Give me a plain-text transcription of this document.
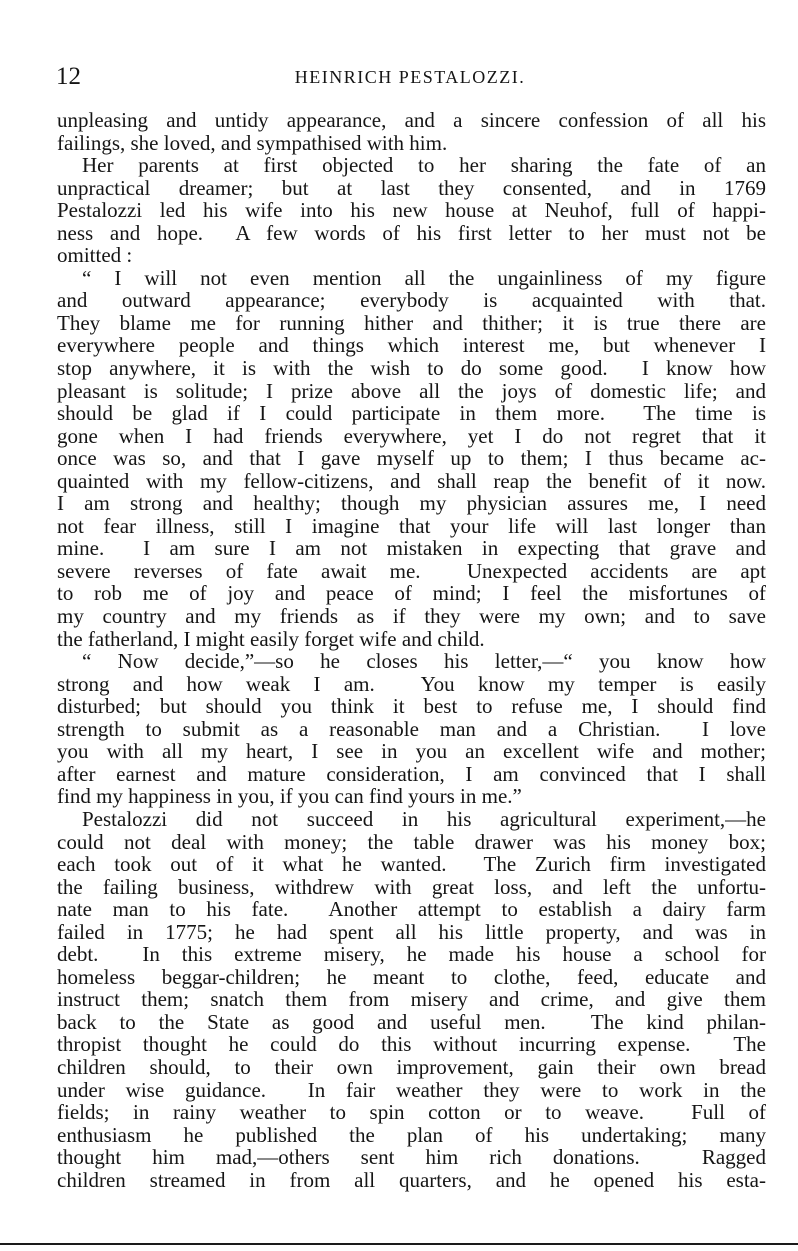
12	HEINRICH PESTALOZZI.
unpleasing and untidy appearance, and a sincere confession of all his
failings, she loved, and sympathised with him.
Her parents at first objected to her sharing the fate of an
unpractical dreamer; but at last they consented, and in 1769
Pestalozzi led his wife into his new house at Neuhof, full of happi-
ness and hope.  A few words of his first letter to her must not be
omitted :
“ I will not even mention all the ungainliness of my figure
and outward appearance; everybody is acquainted with that.
They blame me for running hither and thither; it is true there are
everywhere people and things which interest me, but whenever I
stop anywhere, it is with the wish to do some good.  I know how
pleasant is solitude; I prize above all the joys of domestic life; and
should be glad if I could participate in them more.  The time is
gone when I had friends everywhere, yet I do not regret that it
once was so, and that I gave myself up to them; I thus became ac-
quainted with my fellow-citizens, and shall reap the benefit of it now.
I am strong and healthy; though my physician assures me, I need
not fear illness, still I imagine that your life will last longer than
mine.  I am sure I am not mistaken in expecting that grave and
severe reverses of fate await me.  Unexpected accidents are apt
to rob me of joy and peace of mind; I feel the misfortunes of
my country and my friends as if they were my own; and to save
the fatherland, I might easily forget wife and child.
“ Now decide,”—so he closes his letter,—“ you know how
strong and how weak I am.  You know my temper is easily
disturbed; but should you think it best to refuse me, I should find
strength to submit as a reasonable man and a Christian.  I love
you with all my heart, I see in you an excellent wife and mother;
after earnest and mature consideration, I am convinced that I shall
find my happiness in you, if you can find yours in me.”
Pestalozzi did not succeed in his agricultural experiment,—he
could not deal with money; the table drawer was his money box;
each took out of it what he wanted.  The Zurich firm investigated
the failing business, withdrew with great loss, and left the unfortu-
nate man to his fate.  Another attempt to establish a dairy farm
failed in 1775; he had spent all his little property, and was in
debt.  In this extreme misery, he made his house a school for
homeless beggar-children; he meant to clothe, feed, educate and
instruct them; snatch them from misery and crime, and give them
back to the State as good and useful men.  The kind philan-
thropist thought he could do this without incurring expense.  The
children should, to their own improvement, gain their own bread
under wise guidance.  In fair weather they were to work in the
fields; in rainy weather to spin cotton or to weave.  Full of
enthusiasm he published the plan of his undertaking; many
thought him mad,—others sent him rich donations.  Ragged
children streamed in from all quarters, and he opened his esta-
